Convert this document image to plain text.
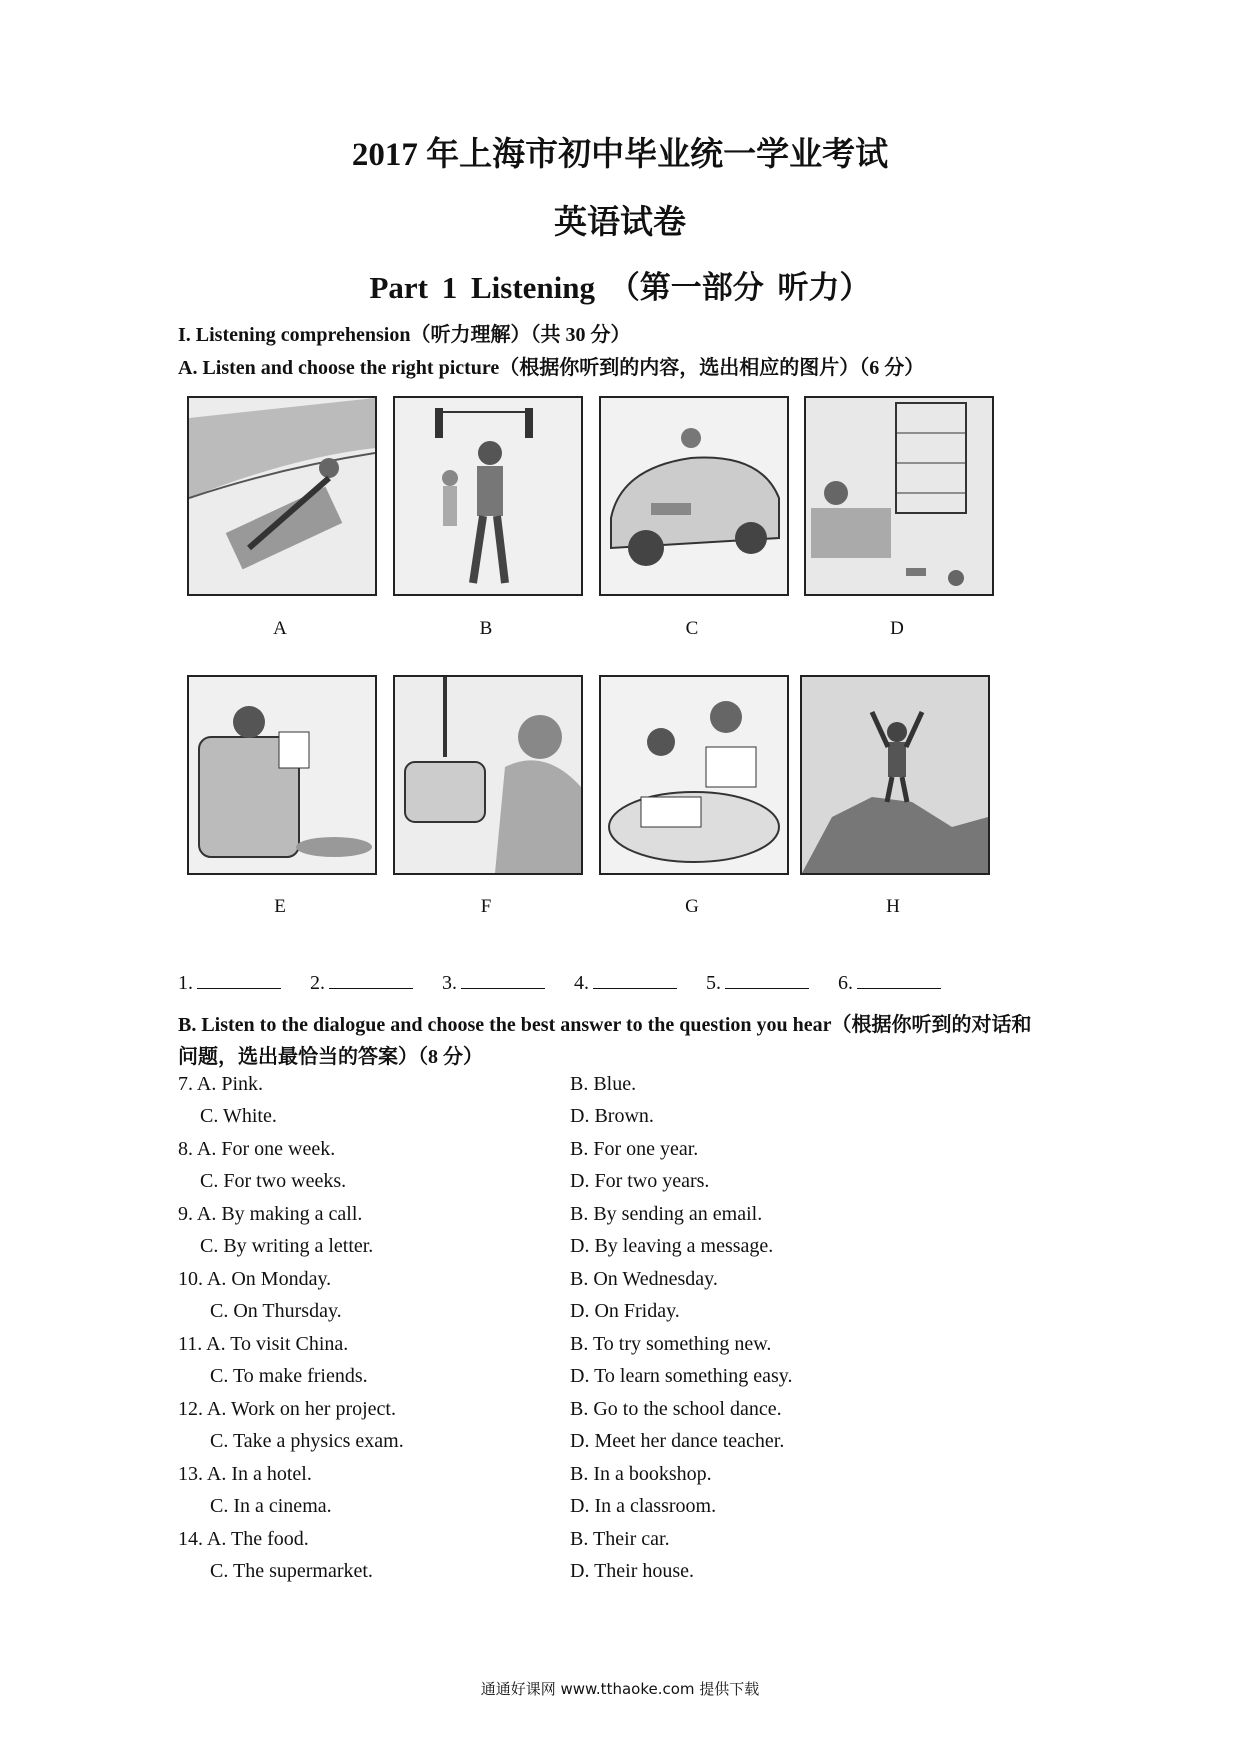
2017 年上海市初中毕业统一学业考试
英语试卷
Part 1 Listening （第一部分 听力）
I. Listening comprehension（听力理解）（共 30 分）
A. Listen and choose the right picture（根据你听到的内容，选出相应的图片）（6 分）
A	B	C	D
E	F	G	H
1.	2.	3.	4.	5.	6.
B. Listen to the dialogue and choose the best answer to the question you hear（根据你听到的对话和
问题，选出最恰当的答案）（8 分）
7. A. Pink.	B. Blue.
C. White.	D. Brown.
8. A. For one week.	B. For one year.
C. For two weeks.	D. For two years.
9. A. By making a call.	B. By sending an email.
C. By writing a letter.	D. By leaving a message.
10. A. On Monday.	B. On Wednesday.
C. On Thursday.	D. On Friday.
11. A. To visit China.	B. To try something new.
C. To make friends.	D. To learn something easy.
12. A. Work on her project.	B. Go to the school dance.
C. Take a physics exam.	D. Meet her dance teacher.
13. A. In a hotel.	B. In a bookshop.
C. In a cinema.	D. In a classroom.
14. A. The food.	B. Their car.
C. The supermarket.	D. Their house.
通通好课网 www.tthaoke.com 提供下载
